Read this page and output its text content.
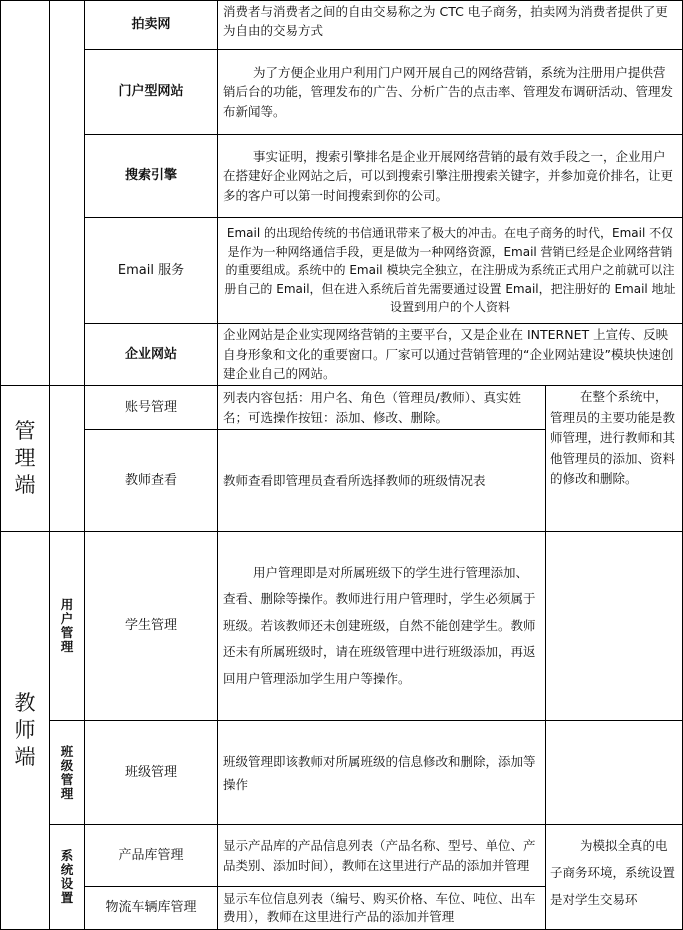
管
理
端
教
师
端
用
户
管
理
班
级
管
理
系
统
设
置
拍卖网
消费者与消费者之间的自由交易称之为 CTC 电子商务，拍卖网为消费者提供了更为自由的交易方式
门户型网站
为了方便企业用户利用门户网开展自己的网络营销，系统为注册用户提供营销后台的功能，管理发布的广告、分析广告的点击率、管理发布调研活动、管理发布新闻等。
搜索引擎
事实证明，搜索引擎排名是企业开展网络营销的最有效手段之一，企业用户在搭建好企业网站之后，可以到搜索引擎注册搜索关键字，并参加竟价排名，让更多的客户可以第一时间搜索到你的公司。
Email 服务
Email 的出现给传统的书信通讯带来了极大的冲击。在电子商务的时代，Email 不仅是作为一种网络通信手段，更是做为一种网络资源，Email 营销已经是企业网络营销的重要组成。系统中的 Email 模块完全独立，在注册成为系统正式用户之前就可以注册自己的 Email，但在进入系统后首先需要通过设置 Email，把注册好的 Email 地址设置到用户的个人资料
企业网站
企业网站是企业实现网络营销的主要平台，又是企业在 INTERNET 上宣传、反映自身形象和文化的重要窗口。厂家可以通过营销管理的“企业网站建设”模块快速创建企业自己的网站。
账号管理
列表内容包括：用户名、角色（管理员/教师）、真实姓名；可选操作按钮：添加、修改、删除。
教师查看	教师查看即管理员查看所选择教师的班级情况表
在整个系统中，管理员的主要功能是教师管理，进行教师和其他管理员的添加、资料的修改和删除。
学生管理
用户管理即是对所属班级下的学生进行管理添加、查看、删除等操作。教师进行用户管理时，学生必须属于班级。若该教师还未创建班级，自然不能创建学生。教师还未有所属班级时，请在班级管理中进行班级添加，再返回用户管理添加学生用户等操作。
班级管理
班级管理即该教师对所属班级的信息修改和删除，添加等操作
产品库管理
显示产品库的产品信息列表（产品名称、型号、单位、产品类别、添加时间），教师在这里进行产品的添加并管理
物流车辆库管理
显示车位信息列表（编号、购买价格、车位、吨位、出车费用），教师在这里进行产品的添加并管理
为模拟全真的电子商务环境，系统设置是对学生交易环
